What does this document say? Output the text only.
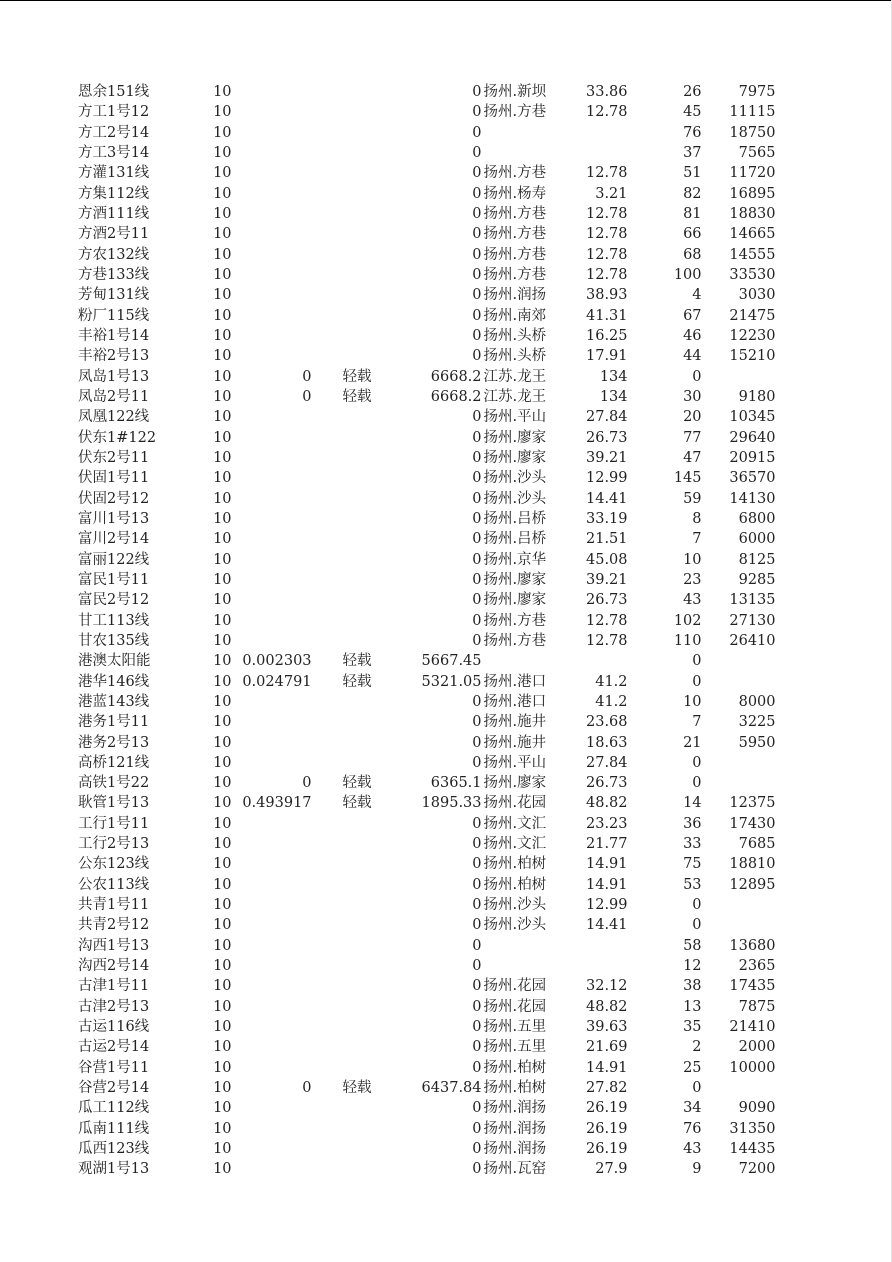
恩余151线	10			0	扬州.新坝	33.86	26	7975
方工1号12	10			0	扬州.方巷	12.78	45	11115
方工2号14	10			0			76	18750
方工3号14	10			0			37	7565
方灌131线	10			0	扬州.方巷	12.78	51	11720
方集112线	10			0	扬州.杨寿	3.21	82	16895
方酒111线	10			0	扬州.方巷	12.78	81	18830
方酒2号11	10			0	扬州.方巷	12.78	66	14665
方农132线	10			0	扬州.方巷	12.78	68	14555
方巷133线	10			0	扬州.方巷	12.78	100	33530
芳甸131线	10			0	扬州.润扬	38.93	4	3030
粉厂115线	10			0	扬州.南郊	41.31	67	21475
丰裕1号14	10			0	扬州.头桥	16.25	46	12230
丰裕2号13	10			0	扬州.头桥	17.91	44	15210
凤岛1号13	10	0	轻载	6668.2	江苏.龙王	134	0	
凤岛2号11	10	0	轻载	6668.2	江苏.龙王	134	30	9180
凤凰122线	10			0	扬州.平山	27.84	20	10345
伏东1#122	10			0	扬州.廖家	26.73	77	29640
伏东2号11	10			0	扬州.廖家	39.21	47	20915
伏固1号11	10			0	扬州.沙头	12.99	145	36570
伏固2号12	10			0	扬州.沙头	14.41	59	14130
富川1号13	10			0	扬州.吕桥	33.19	8	6800
富川2号14	10			0	扬州.吕桥	21.51	7	6000
富丽122线	10			0	扬州.京华	45.08	10	8125
富民1号11	10			0	扬州.廖家	39.21	23	9285
富民2号12	10			0	扬州.廖家	26.73	43	13135
甘工113线	10			0	扬州.方巷	12.78	102	27130
甘农135线	10			0	扬州.方巷	12.78	110	26410
港澳太阳能	10	0.002303	轻载	5667.45			0	
港华146线	10	0.024791	轻载	5321.05	扬州.港口	41.2	0	
港蓝143线	10			0	扬州.港口	41.2	10	8000
港务1号11	10			0	扬州.施井	23.68	7	3225
港务2号13	10			0	扬州.施井	18.63	21	5950
高桥121线	10			0	扬州.平山	27.84	0	
高铁1号22	10	0	轻载	6365.1	扬州.廖家	26.73	0	
耿管1号13	10	0.493917	轻载	1895.33	扬州.花园	48.82	14	12375
工行1号11	10			0	扬州.文汇	23.23	36	17430
工行2号13	10			0	扬州.文汇	21.77	33	7685
公东123线	10			0	扬州.柏树	14.91	75	18810
公农113线	10			0	扬州.柏树	14.91	53	12895
共青1号11	10			0	扬州.沙头	12.99	0	
共青2号12	10			0	扬州.沙头	14.41	0	
沟西1号13	10			0			58	13680
沟西2号14	10			0			12	2365
古津1号11	10			0	扬州.花园	32.12	38	17435
古津2号13	10			0	扬州.花园	48.82	13	7875
古运116线	10			0	扬州.五里	39.63	35	21410
古运2号14	10			0	扬州.五里	21.69	2	2000
谷营1号11	10			0	扬州.柏树	14.91	25	10000
谷营2号14	10	0	轻载	6437.84	扬州.柏树	27.82	0	
瓜工112线	10			0	扬州.润扬	26.19	34	9090
瓜南111线	10			0	扬州.润扬	26.19	76	31350
瓜西123线	10			0	扬州.润扬	26.19	43	14435
观湖1号13	10			0	扬州.瓦窑	27.9	9	7200
